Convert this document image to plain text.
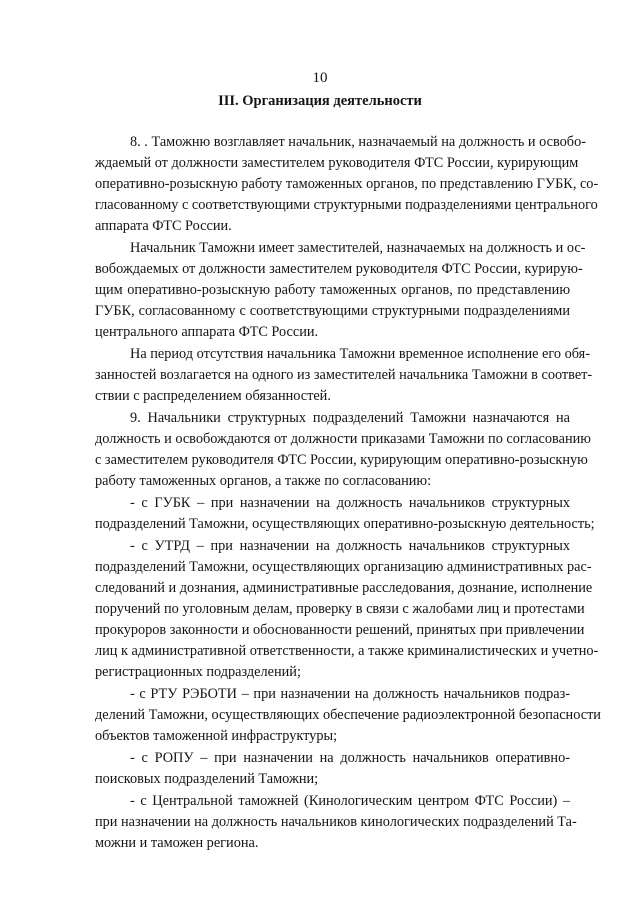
10
III. Организация деятельности
8. . Таможню возглавляет начальник, назначаемый на должность и освобо-
ждаемый от должности заместителем руководителя ФТС России, курирующим
оперативно-розыскную работу таможенных органов, по представлению ГУБК, со-
гласованному с соответствующими структурными подразделениями центрального
аппарата ФТС России.
Начальник Таможни имеет заместителей, назначаемых на должность и ос-
вобождаемых от должности заместителем руководителя ФТС России, курирую-
щим оперативно-розыскную работу таможенных органов, по представлению
ГУБК, согласованному с соответствующими структурными подразделениями
центрального аппарата ФТС России.
На период отсутствия начальника Таможни временное исполнение его обя-
занностей возлагается на одного из заместителей начальника Таможни в соответ-
ствии с распределением обязанностей.
9. Начальники структурных подразделений Таможни назначаются на
должность и освобождаются от должности приказами Таможни по согласованию
с заместителем руководителя ФТС России, курирующим оперативно-розыскную
работу таможенных органов, а также по согласованию:
- с ГУБК – при назначении на должность начальников структурных
подразделений Таможни, осуществляющих оперативно-розыскную деятельность;
- с УТРД – при назначении на должность начальников структурных
подразделений Таможни, осуществляющих организацию административных рас-
следований и дознания, административные расследования, дознание, исполнение
поручений по уголовным делам, проверку в связи с жалобами лиц и протестами
прокуроров законности и обоснованности решений, принятых при привлечении
лиц к административной ответственности, а также криминалистических и учетно-
регистрационных подразделений;
- с РТУ РЭБОТИ – при назначении на должность начальников подраз-
делений Таможни, осуществляющих обеспечение радиоэлектронной безопасности
объектов таможенной инфраструктуры;
- с РОПУ – при назначении на должность начальников оперативно-
поисковых подразделений Таможни;
- с Центральной таможней (Кинологическим центром ФТС России) –
при назначении на должность начальников кинологических подразделений Та-
можни и таможен региона.
